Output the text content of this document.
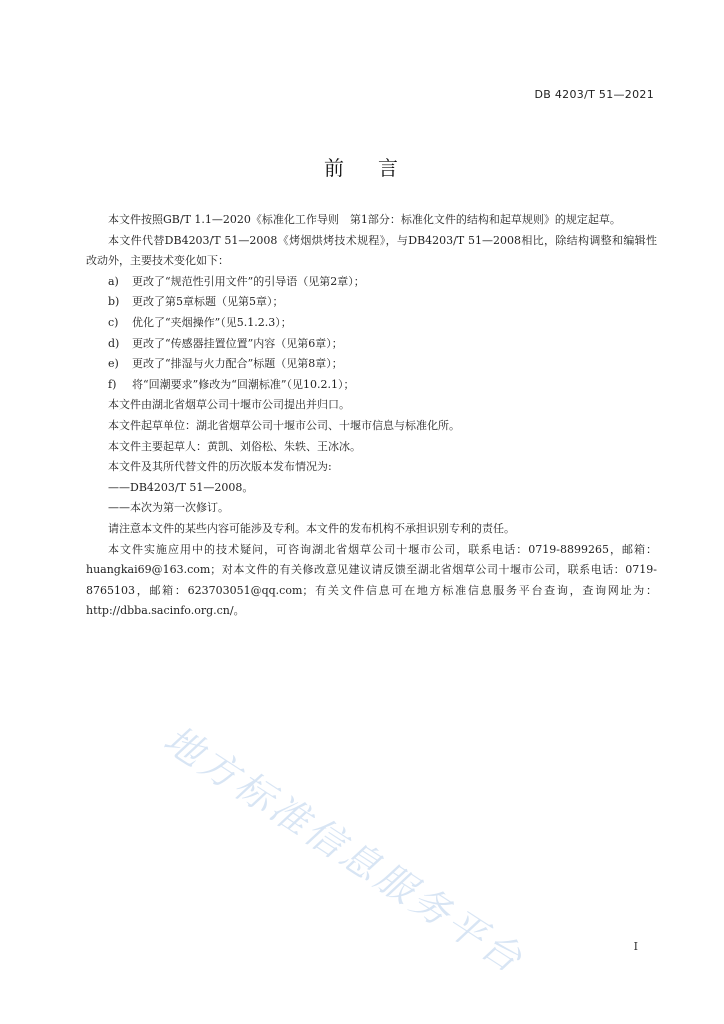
DB 4203/T 51—2021
前 言

本文件按照GB/T 1.1—2020《标准化工作导则　第1部分：标准化文件的结构和起草规则》的规定起草。

本文件代替DB4203/T 51—2008《烤烟烘烤技术规程》，与DB4203/T 51—2008相比，除结构调整和编辑性改动外，主要技术变化如下：

a)	更改了“规范性引用文件”的引导语（见第2章）；
b)	更改了第5章标题（见第5章）；
c)	优化了“夹烟操作”（见5.1.2.3）；
d)	更改了“传感器挂置位置”内容（见第6章）；
e)	更改了“排湿与火力配合”标题（见第8章）；
f)	将“回潮要求”修改为“回潮标准”（见10.2.1）；

本文件由湖北省烟草公司十堰市公司提出并归口。

本文件起草单位：湖北省烟草公司十堰市公司、十堰市信息与标准化所。

本文件主要起草人：黄凯、刘俗松、朱轶、王冰冰。

本文件及其所代替文件的历次版本发布情况为:

——DB4203/T 51—2008。

——本次为第一次修订。

请注意本文件的某些内容可能涉及专利。本文件的发布机构不承担识别专利的责任。

本文件实施应用中的技术疑问，可咨询湖北省烟草公司十堰市公司，联系电话：0719-8899265，邮箱：huangkai69@163.com；对本文件的有关修改意见建议请反馈至湖北省烟草公司十堰市公司，联系电话：0719-8765103，邮箱：623703051@qq.com；有关文件信息可在地方标准信息服务平台查询，查询网址为：http://dbba.sacinfo.org.cn/。

地方标准信息服务平台	I
